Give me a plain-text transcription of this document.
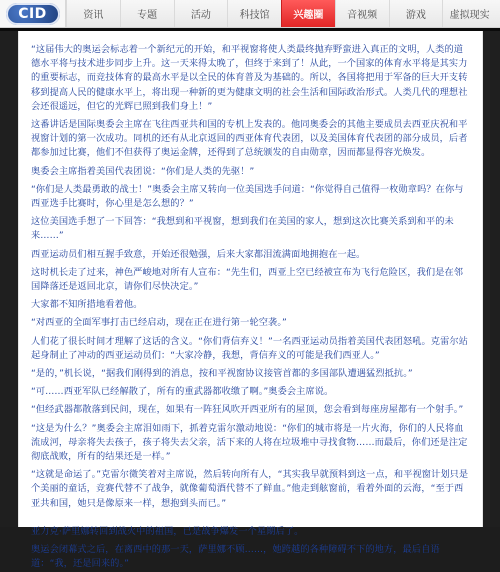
CID	资讯	专题	活动	科技馆 兴趣圈 音视频	游戏 虚拟现实

“这届伟大的奥运会标志着一个新纪元的开始，和平视窗将使人类最终抛弃野蛮进入真正的文明，人类的道德水平将与技术进步同步上升。这一天来得太晚了，但终于来到了！从此，一个国家的体育水平将是其实力的重要标志，而竞技体育的最高水平是以全民的体育普及为基础的。所以，各国将把用于军备的巨大开支转移到提高人民的健康水平上，将出现一种新的更为健康文明的社会生活和国际政治形式。人类几代的理想社会还很遥远，但它的光辉已照到我们身上！”

这番讲话是国际奥委会主席在飞往西亚共和国的专机上发表的。他同奥委会的其他主要成员去西亚庆祝和平视窗计划的第一次成功。同机的还有从北京返回的西亚体育代表团，以及美国体育代表团的部分成员，后者都参加过比赛，他们不但获得了奥运金牌，还得到了总统颁发的自由勋章，因而都显得容光焕发。

奥委会主席指着美国代表团说：“你们是人类的先驱！”

“你们是人类最勇敢的战士！”奥委会主席又转向一位美国选手问道：“你觉得自己值得一枚勋章吗？在你与西亚选手比赛时，你心里是怎么想的？”

这位美国选手想了一下回答：“我想到和平视窗，想到我们在美国的家人，想到这次比赛关系到和平的未来……”

西亚运动员们相互握手致意，开始还很勉强，后来大家都泪流满面地拥抱在一起。

这时机长走了过来，神色严峻地对所有人宣布：“先生们，西亚上空已经被宣布为飞行危险区，我们是在邻国降落还是返回北京，请你们尽快决定。”

大家都不知所措地看着他。

“对西亚的全面军事打击已经启动，现在正在进行第一轮空袭。”

人们花了很长时间才理解了这话的含义。“你们背信弃义！”一名西亚运动员指着美国代表团怒吼。克雷尔站起身制止了冲动的西亚运动员们：“大家冷静，我想，背信弃义的可能是我们西亚人。”

“是的，”机长说，“据我们刚得到的消息，按和平视窗协议接管首都的多国部队遭遇猛烈抵抗。”

“可……西亚军队已经解散了，所有的重武器都收缴了啊。”奥委会主席说。

“但经武器都散落到民间，现在，如果有一阵狂风吹开西亚所有的屋顶，您会看到每座房屋都有一个射手。”

“这是为什么？”奥委会主席泪如雨下，抓着克雷尔激动地说：“你们的城市将是一片火海，你们的人民将血流成河，母亲将失去孩子，孩子将失去父亲，活下来的人将在垃圾堆中寻找食物……而最后，你们还是注定彻底战败，所有的结果还是一样。”

“这就是命运了。”克雷尔微笑着对主席说，然后转向所有人，“其实我早就预料到这一点，和平视窗计划只是个美丽的童话，竞赛代替不了战争，就像葡萄酒代替不了鲜血。”他走到舷窗前，看着外面的云海，“至于西亚共和国，她只是像原来一样，想抱到头而已。”

亚力克·萨里娜转回到战火中的祖国，已是战争爆发一个星期后了。

奥运会闭幕式之后，在离西中的那一天，萨里娜不顾……，她跨越的各种障碍不下的地方，最后自语道：“我，还是回来的。”
